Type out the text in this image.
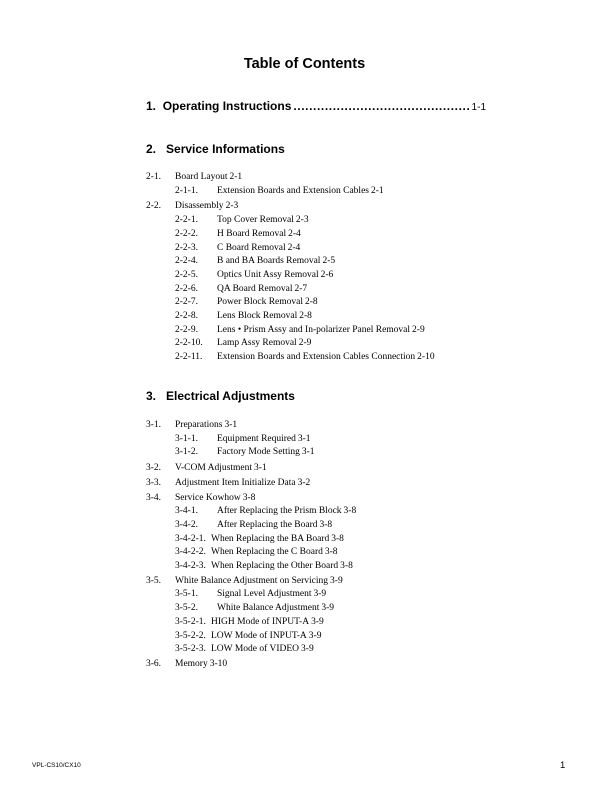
Table of Contents
1.
Operating Instructions
.....	1-1
2. Service Informations
3. Electrical Adjustments
2-1.	Board Layout 2-1
2-1-1.	Extension Boards and Extension Cables 2-1
2-2.	Disassembly 2-3
2-2-1.	Top Cover Removal 2-3
2-2-2.	H Board Removal 2-4
2-2-3.	C Board Removal 2-4
2-2-4.	B and BA Boards Removal 2-5
2-2-5.	Optics Unit Assy Removal 2-6
2-2-6.	QA Board Removal 2-7
2-2-7.	Power Block Removal 2-8
2-2-8.	Lens Block Removal 2-8
2-2-9.	Lens • Prism Assy and In-polarizer Panel Removal 2-9
2-2-10.	Lamp Assy Removal 2-9
2-2-11.	Extension Boards and Extension Cables Connection 2-10
3-1.	Preparations 3-1
3-1-1.	Equipment Required 3-1
3-1-2.	Factory Mode Setting 3-1
3-2.	V-COM Adjustment 3-1
3-3.	Adjustment Item Initialize Data 3-2
3-4.	Service Kowhow 3-8
3-4-1.	After Replacing the Prism Block 3-8
3-4-2.	After Replacing the Board 3-8
3-4-2-1. When Replacing the BA Board 3-8
3-4-2-2. When Replacing the C Board 3-8
3-4-2-3. When Replacing the Other Board 3-8
3-5.	White Balance Adjustment on Servicing 3-9
3-5-1.	Signal Level Adjustment 3-9
3-5-2.	White Balance Adjustment 3-9
3-5-2-1. HIGH Mode of INPUT-A 3-9
3-5-2-2. LOW Mode of INPUT-A 3-9
3-5-2-3. LOW Mode of VIDEO 3-9
3-6.	Memory 3-10
VPL-CS10/CX10	1
